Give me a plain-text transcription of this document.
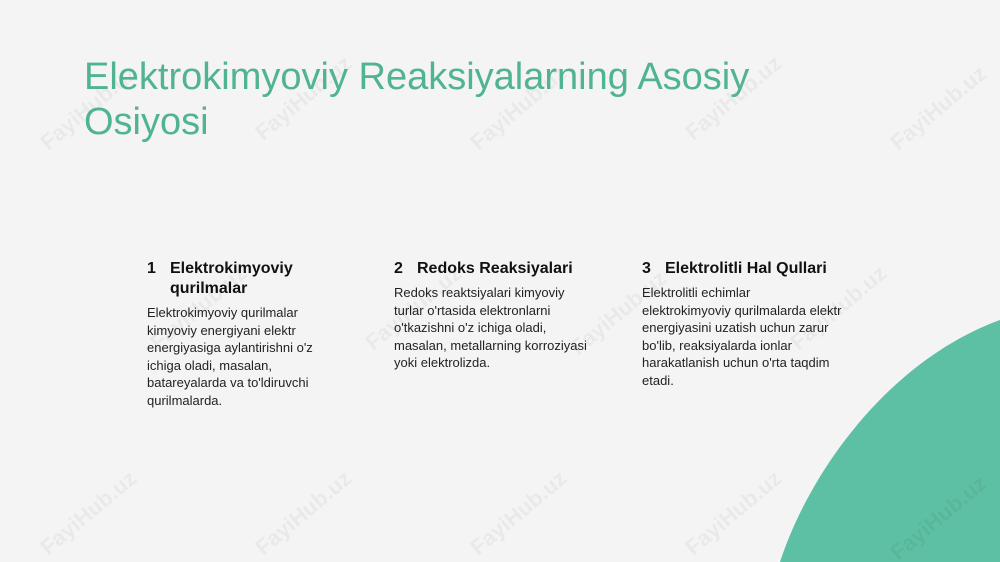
Elektrokimyoviy Reaksiyalarning Asosiy Osiyosi
1 Elektrokimyoviy qurilmalar
Elektrokimyoviy qurilmalar kimyoviy energiyani elektr energiyasiga aylantirishni o'z ichiga oladi, masalan, batareyalarda va to'ldiruvchi qurilmalarda.
2 Redoks Reaksiyalari
Redoks reaktsiyalari kimyoviy turlar o'rtasida elektronlarni o'tkazishni o'z ichiga oladi, masalan, metallarning korroziyasi yoki elektrolizda.
3 Elektrolitli Hal Qullari
Elektrolitli echimlar elektrokimyoviy qurilmalarda elektr energiyasini uzatish uchun zarur bo'lib, reaksiyalarda ionlar harakatlanish uchun o'rta taqdim etadi.
